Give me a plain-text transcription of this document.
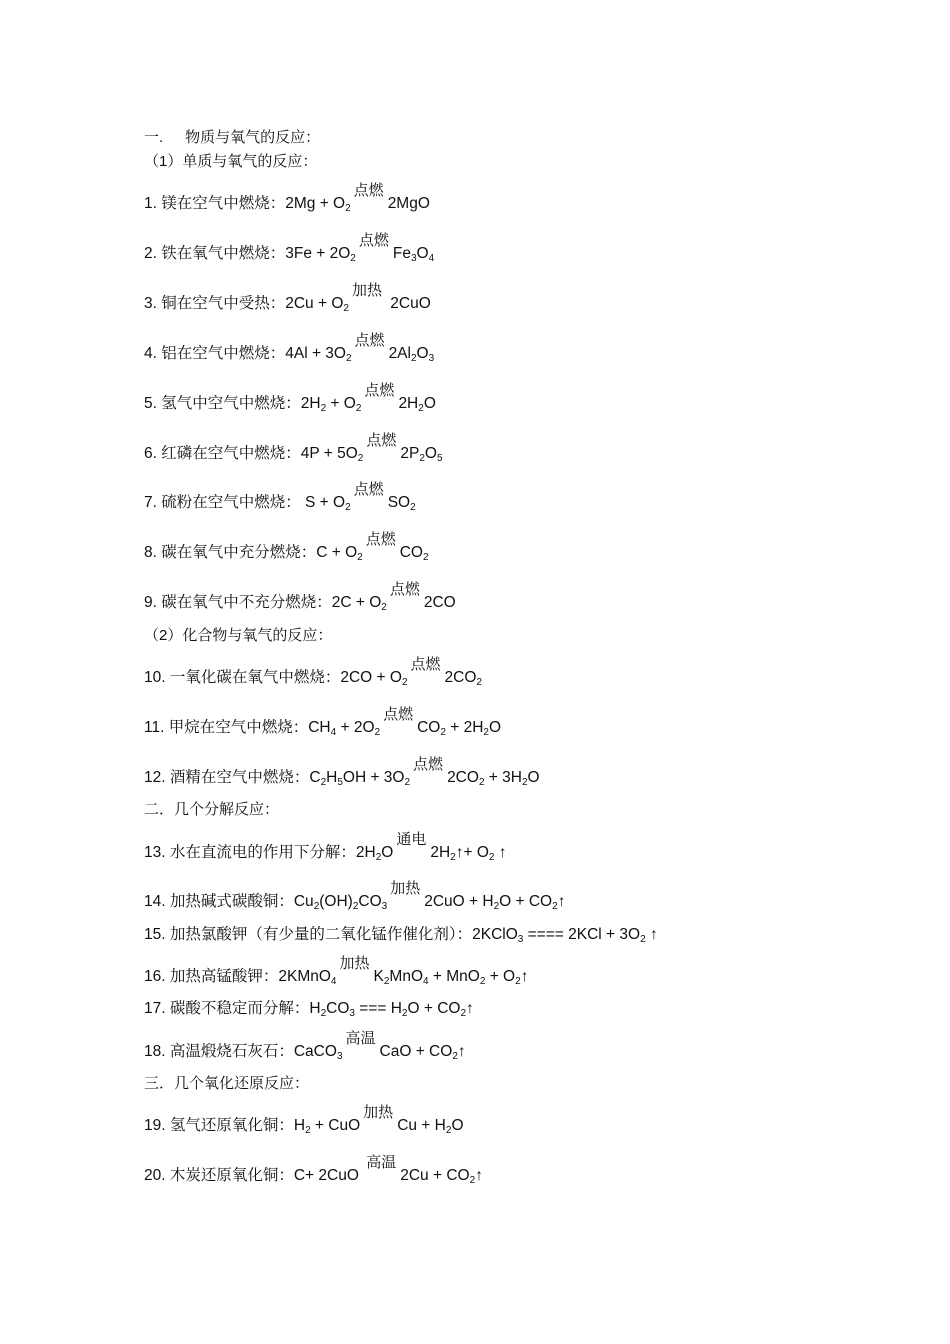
一. 物质与氧气的反应：
（1）单质与氧气的反应：
1. 镁在空气中燃烧：$2Mg + O_2$点燃2MgO
2. 铁在氧气中燃烧：$3Fe + 2O_2$点燃$Fe_3O_4$
3. 铜在空气中受热：$2Cu + O_2$加热 2CuO
4. 铝在空气中燃烧：$4Al + 3O_2$点燃$2Al_2O_3$
5. 氢气中空气中燃烧：$2H_2 + O_2$点燃$2H_2O$
6. 红磷在空气中燃烧：$4P + 5O_2$点燃$2P_2O_5$
7. 硫粉在空气中燃烧： $S + O_2$点燃$SO_2$
8. 碳在氧气中充分燃烧：$C + O_2$点燃$CO_2$
9. 碳在氧气中不充分燃烧：$2C + O_2$点燃2CO
（2）化合物与氧气的反应：
10. 一氧化碳在氧气中燃烧：$2CO + O_2$点燃$2CO_2$
11. 甲烷在空气中燃烧：$CH_4 + 2O_2$点燃$CO_2 + 2H_2O$
12. 酒精在空气中燃烧：$C_2H_5OH + 3O_2$点燃$2CO_2 + 3H_2O$
二．几个分解反应：
13. 水在直流电的作用下分解：$2H_2O$通电$2H_2↑+ O_2$ ↑
14. 加热碱式碳酸铜：$Cu_2(OH)_2CO_3$加热$2CuO + H_2O$ + $CO_2↑$
15. 加热氯酸钾（有少量的二氧化锰作催化剂）：2KClO$_3$ ==== $2KCl + 3O_2$ ↑
16. 加热高锰酸钾：2KMnO$_4$加热$K_2MnO_4 + MnO_2$ + $O_2↑$
17. 碳酸不稳定而分解：$H_2CO_3$ === $H_2O$ + $CO_2↑$
18. 高温煅烧石灰石：CaCO$_3$高温CaO + $CO_2↑$
三．几个氧化还原反应：
19. 氢气还原氧化铜：$H_2$ + CuO加热$Cu + H_2O$
20. 木炭还原氧化铜：C+ 2CuO 高温$2Cu + CO_2↑$
